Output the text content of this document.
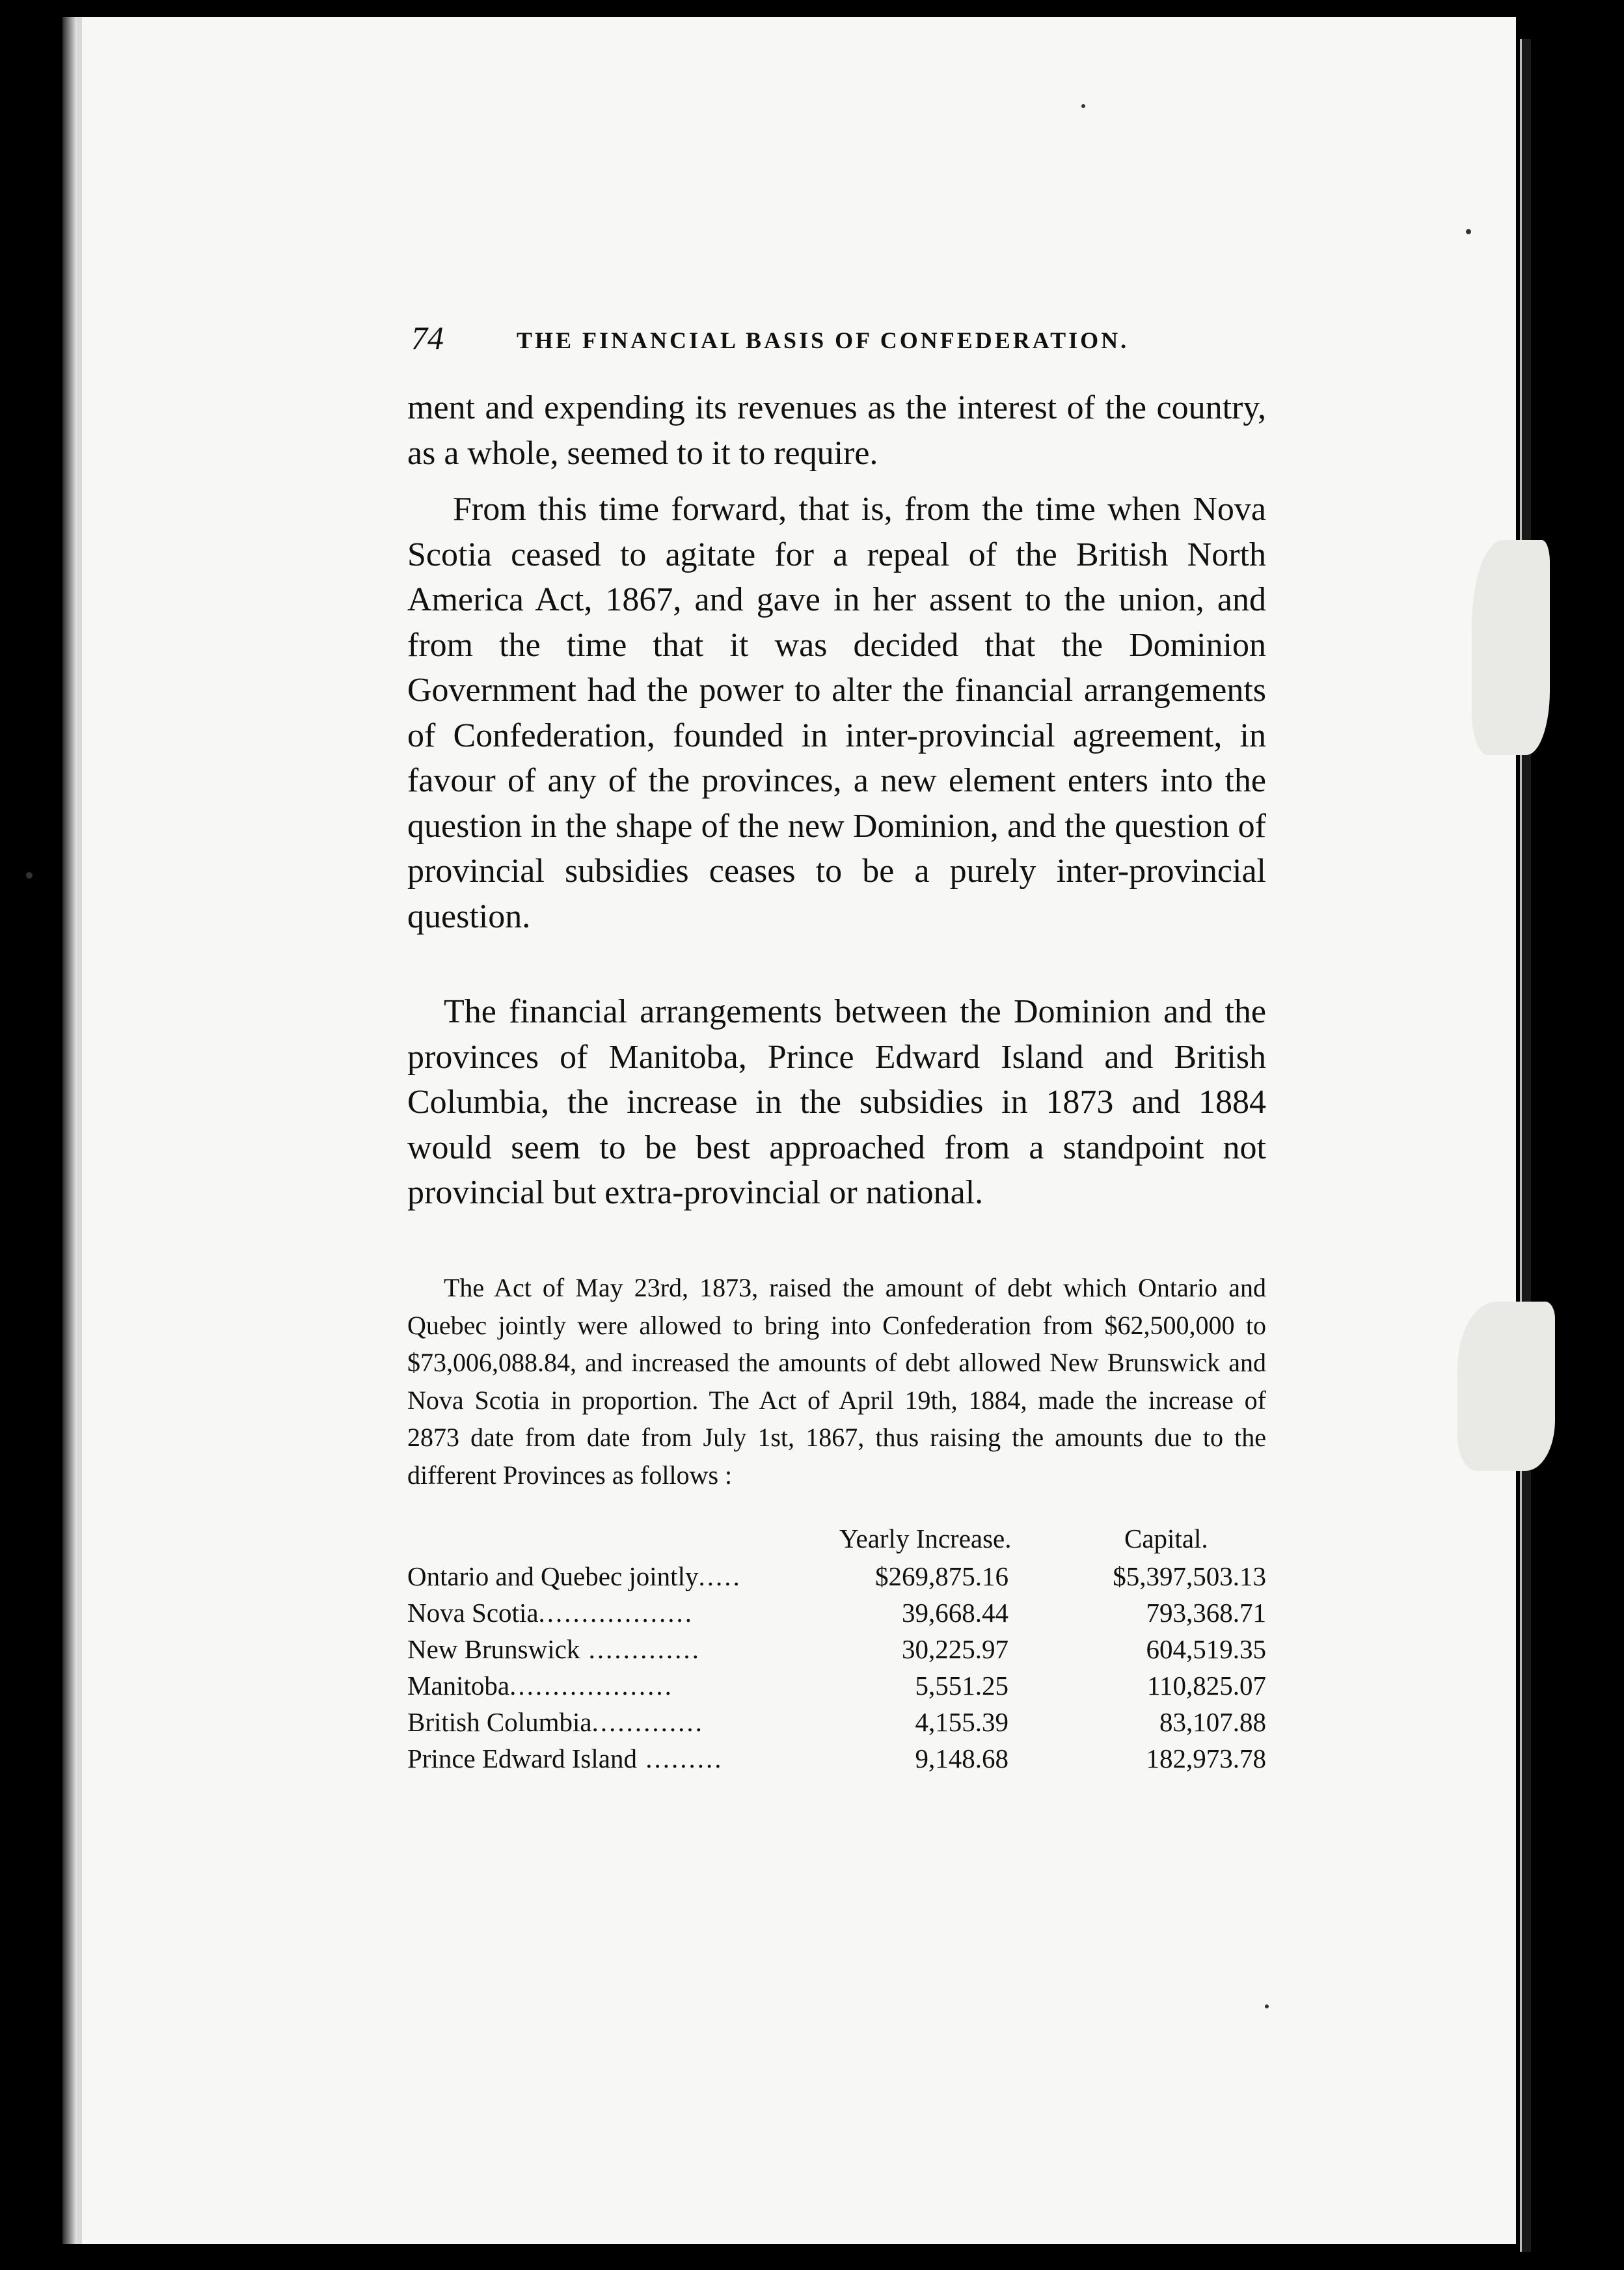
74	THE FINANCIAL BASIS OF CONFEDERATION.

ment and expending its revenues as the interest of the country, as a whole, seemed to it to require.

From this time forward, that is, from the time when Nova Scotia ceased to agitate for a repeal of the British North America Act, 1867, and gave in her assent to the union, and from the time that it was decided that the Dominion Government had the power to alter the financial arrangements of Confederation, founded in inter-provincial agreement, in favour of any of the provinces, a new element enters into the question in the shape of the new Dominion, and the question of provincial subsidies ceases to be a purely inter-provincial question.

The financial arrangements between the Dominion and the provinces of Manitoba, Prince Edward Island and British Columbia, the increase in the subsidies in 1873 and 1884 would seem to be best approached from a standpoint not provincial but extra-provincial or national.

The Act of May 23rd, 1873, raised the amount of debt which Ontario and Quebec jointly were allowed to bring into Confederation from $62,500,000 to $73,006,088.84, and increased the amounts of debt allowed New Brunswick and Nova Scotia in proportion. The Act of April 19th, 1884, made the increase of 2873 date from date from July 1st, 1867, thus raising the amounts due to the different Provinces as follows :

Yearly Increase.	Capital.
Ontario and Quebec jointly.....	$269,875.16	$5,397,503.13
Nova Scotia..................	39,668.44	793,368.71
New Brunswick .............	30,225.97	604,519.35
Manitoba...................	5,551.25	110,825.07
British Columbia.............	4,155.39	83,107.88
Prince Edward Island .........	9,148.68	182,973.78
